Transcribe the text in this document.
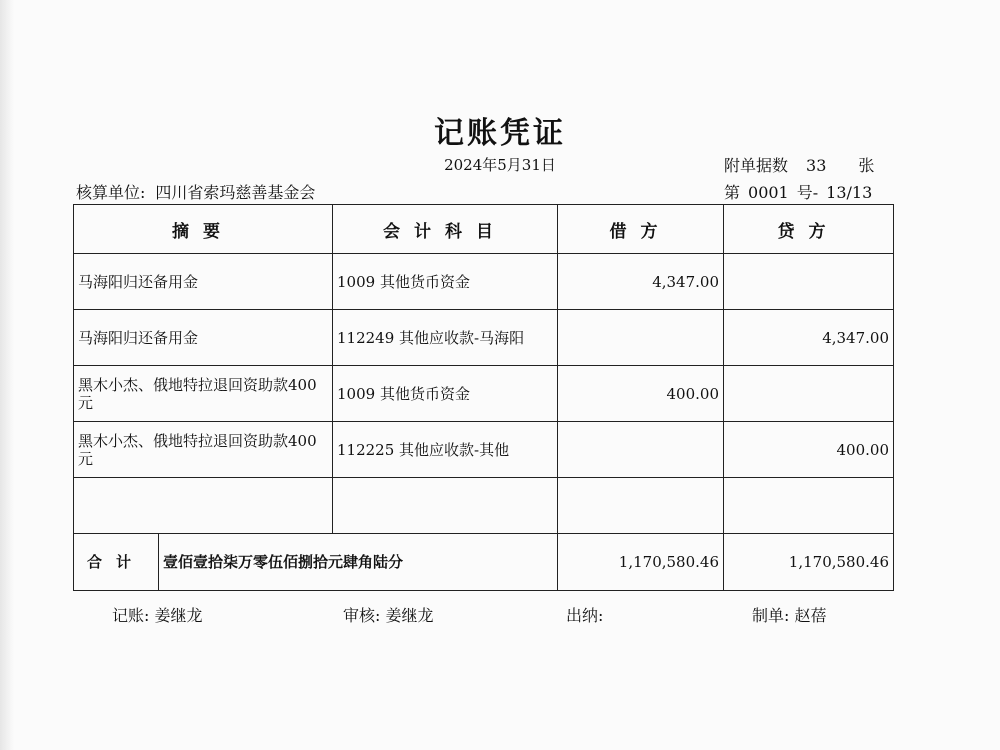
记账凭证
2024年5月31日	附单据数 33 张
核算单位: 四川省索玛慈善基金会	第 0001 号- 13/13
摘要	会计科目	借方	贷方
马海阳归还备用金	1009 其他货币资金	4,347.00	
马海阳归还备用金	112249 其他应收款-马海阳		4,347.00
黑木小杰、俄地特拉退回资助款400元	1009 其他货币资金	400.00	
黑木小杰、俄地特拉退回资助款400元	112225 其他应收款-其他		400.00

合计 壹佰壹拾柒万零伍佰捌拾元肆角陆分		1,170,580.46	1,170,580.46
记账: 姜继龙	审核: 姜继龙	出纳:	制单: 赵蓓
